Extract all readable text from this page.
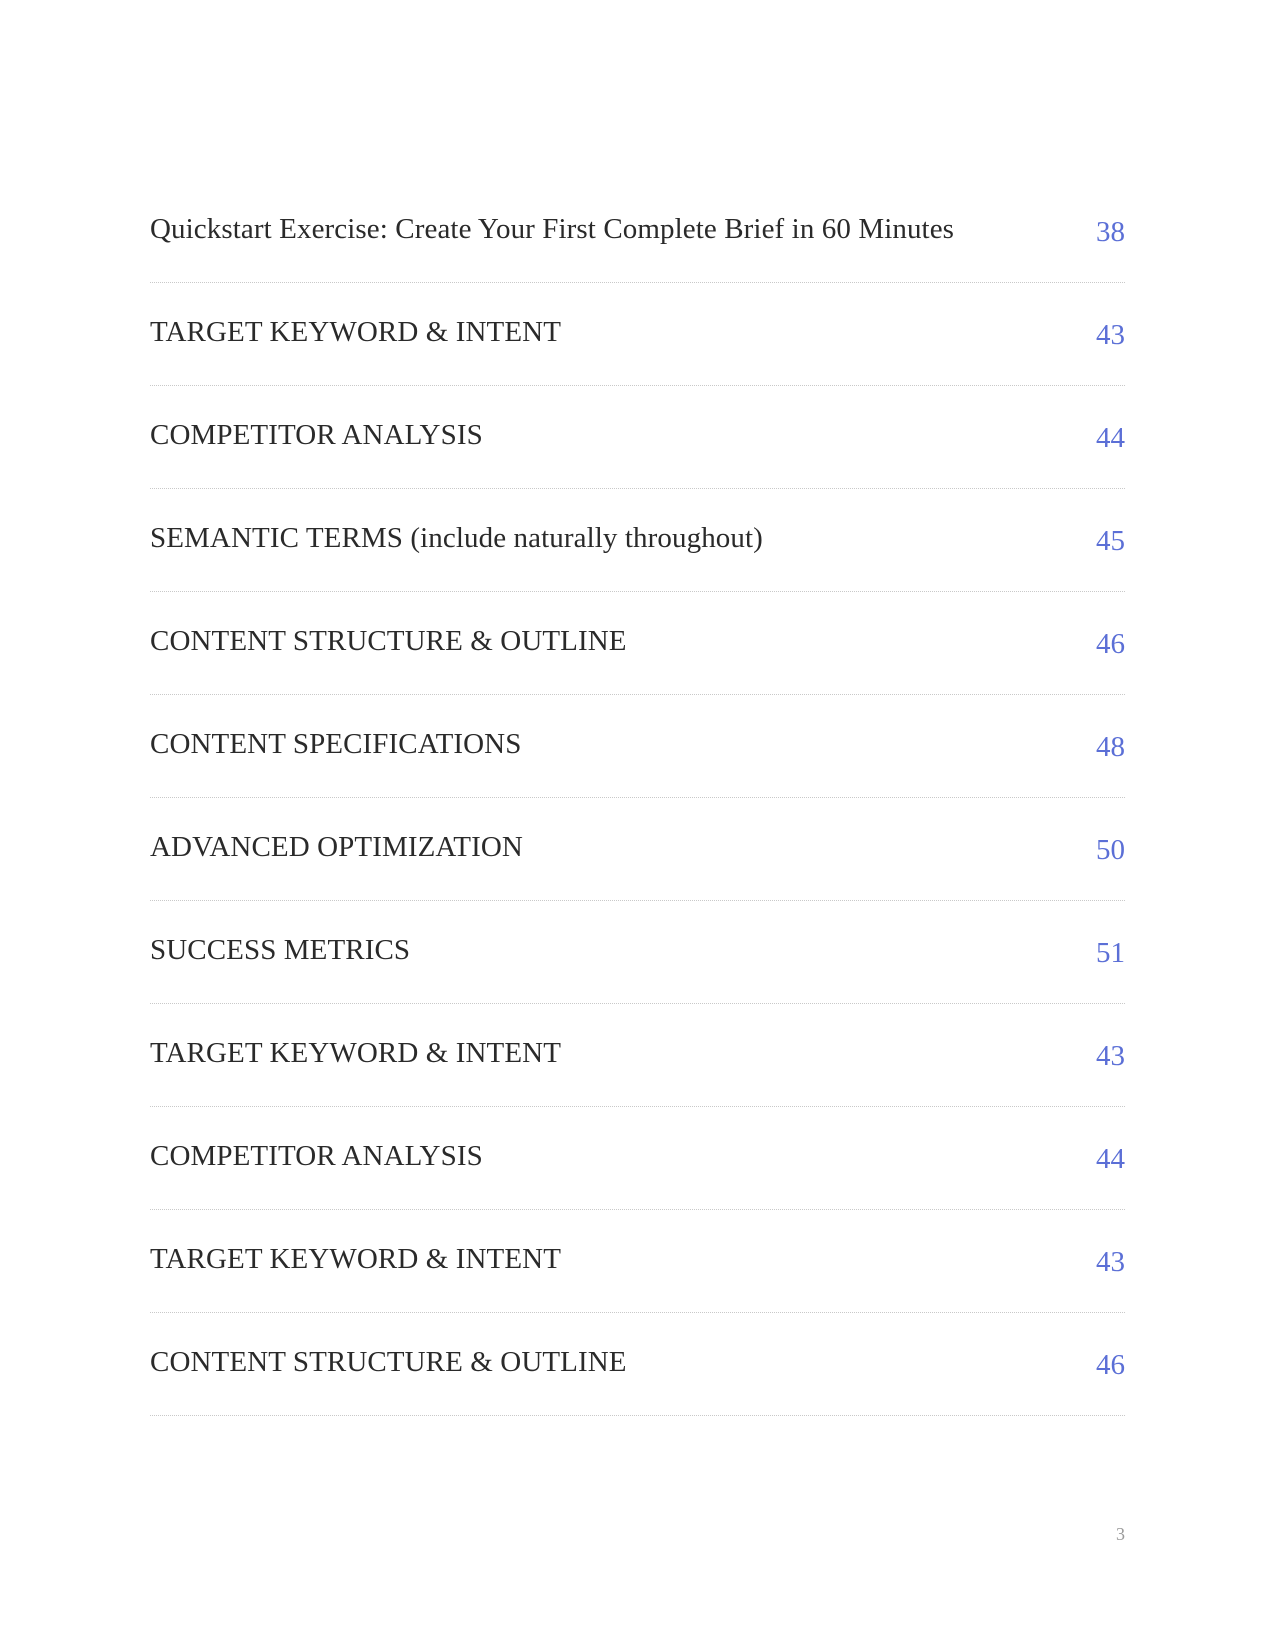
Quickstart Exercise: Create Your First Complete Brief in 60 Minutes	38
TARGET KEYWORD & INTENT	43
COMPETITOR ANALYSIS	44
SEMANTIC TERMS (include naturally throughout)	45
CONTENT STRUCTURE & OUTLINE	46
CONTENT SPECIFICATIONS	48
ADVANCED OPTIMIZATION	50
SUCCESS METRICS	51
TARGET KEYWORD & INTENT	43
COMPETITOR ANALYSIS	44
TARGET KEYWORD & INTENT	43
CONTENT STRUCTURE & OUTLINE	46
3
